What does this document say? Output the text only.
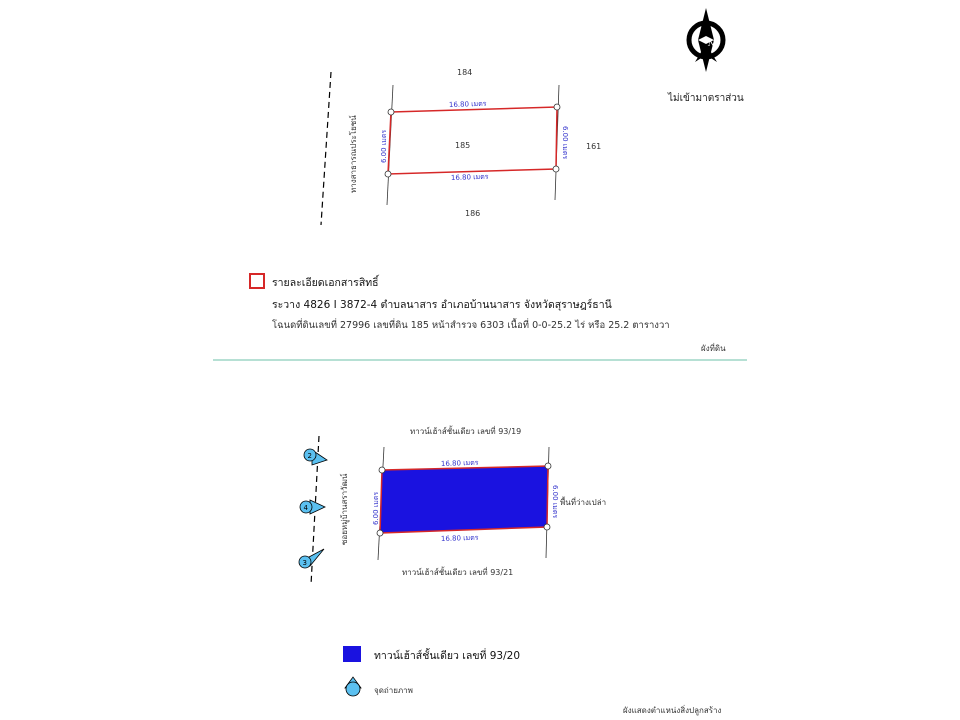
N
16.80 เมตร
16.80 เมตร
6.00 เมตร	6.00 เมตร
ทางสาธารณประโยชน์
16.80 เมตร
16.80 เมตร
6.00 เมตร	6.00 เมตร
ซอยหมู่บ้านสราวัฒน์
2
4
3
ไม่เข้ามาตราส่วน
184
185	161
186
รายละเอียดเอกสารสิทธิ์
ระวาง 4826 I 3872-4 ตำบลนาสาร อำเภอบ้านนาสาร จังหวัดสุราษฎร์ธานี
โฉนดที่ดินเลขที่ 27996 เลขที่ดิน 185 หน้าสำรวจ 6303 เนื้อที่ 0-0-25.2 ไร่ หรือ 25.2 ตารางวา
ผังที่ดิน
ทาวน์เฮ้าส์ชั้นเดียว เลขที่ 93/19
พื้นที่ว่างเปล่า
ทาวน์เฮ้าส์ชั้นเดียว เลขที่ 93/21
ทาวน์เฮ้าส์ชั้นเดียว เลขที่ 93/20
จุดถ่ายภาพ
ผังแสดงตำแหน่งสิ่งปลูกสร้าง
